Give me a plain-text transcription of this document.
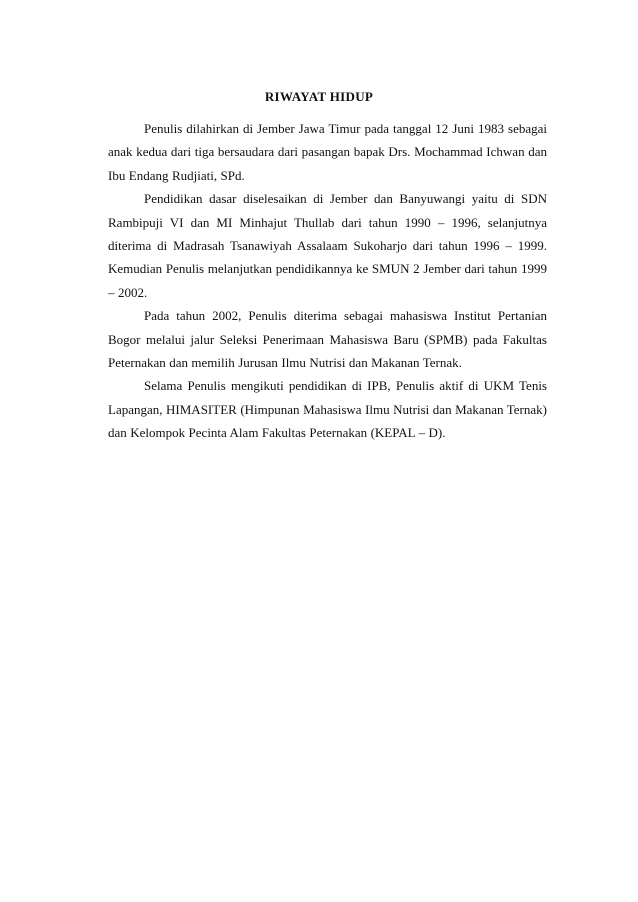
RIWAYAT HIDUP

Penulis dilahirkan di Jember Jawa Timur pada tanggal 12 Juni 1983 sebagai anak kedua dari tiga bersaudara dari pasangan bapak Drs. Mochammad Ichwan dan Ibu Endang Rudjiati, SPd.

Pendidikan dasar diselesaikan di Jember dan Banyuwangi yaitu di SDN Rambipuji VI dan MI Minhajut Thullab dari tahun 1990 – 1996, selanjutnya diterima di Madrasah Tsanawiyah Assalaam Sukoharjo dari tahun 1996 – 1999. Kemudian Penulis melanjutkan pendidikannya ke SMUN 2 Jember dari tahun 1999 – 2002.

Pada tahun 2002, Penulis diterima sebagai mahasiswa Institut Pertanian Bogor melalui jalur Seleksi Penerimaan Mahasiswa Baru (SPMB) pada Fakultas Peternakan dan memilih Jurusan Ilmu Nutrisi dan Makanan Ternak.

Selama Penulis mengikuti pendidikan di IPB, Penulis aktif di UKM Tenis Lapangan, HIMASITER (Himpunan Mahasiswa Ilmu Nutrisi dan Makanan Ternak) dan Kelompok Pecinta Alam Fakultas Peternakan (KEPAL – D).
